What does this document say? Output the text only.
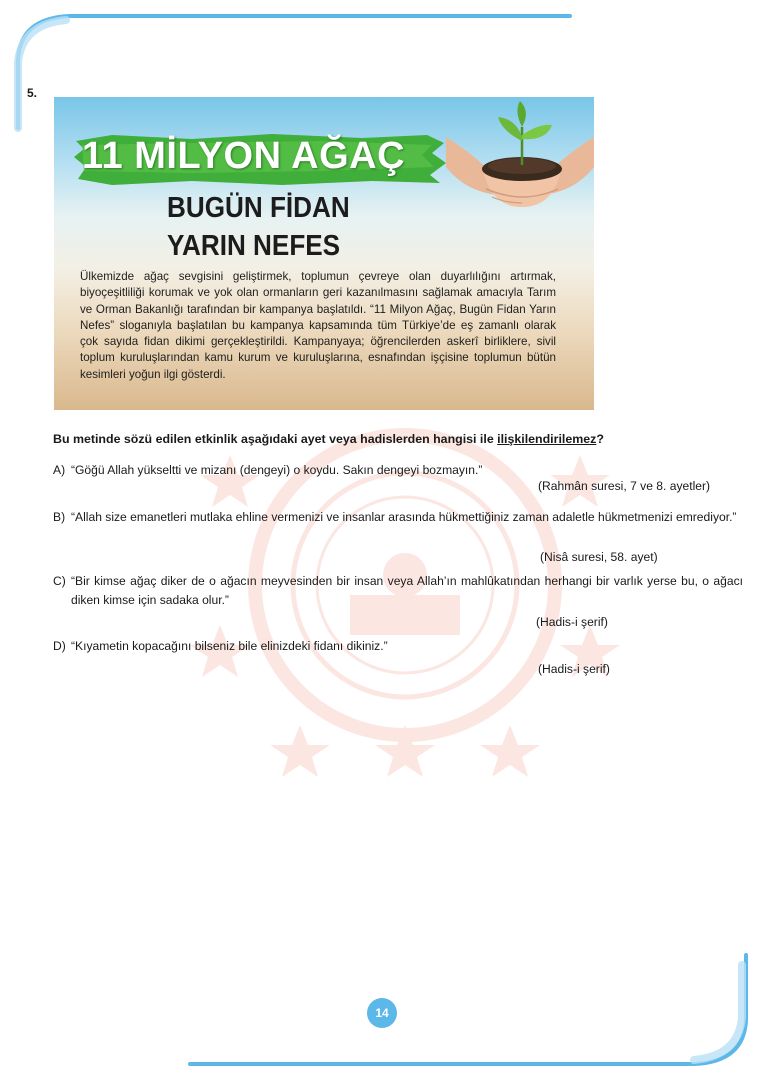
5.
11 MİLYON AĞAÇ
BUGÜN FİDAN
YARIN NEFES
Ülkemizde ağaç sevgisini geliştirmek, toplumun çevreye olan duyarlılığını artırmak, biyoçeşitliliği korumak ve yok olan ormanların geri kazanılmasını sağlamak amacıyla Tarım ve Orman Bakanlığı tarafından bir kampanya başlatıldı. “11 Milyon Ağaç, Bugün Fidan Yarın Nefes” sloganıyla başlatılan bu kampanya kapsamında tüm Türkiye’de eş zamanlı olarak çok sayıda fidan dikimi gerçekleştirildi. Kampanyaya; öğrencilerden askerî birliklere, sivil toplum kuruluşlarından kamu kurum ve kuruluşlarına, esnafından işçisine toplumun bütün kesimleri yoğun ilgi gösterdi.
Bu metinde sözü edilen etkinlik aşağıdaki ayet veya hadislerden hangisi ile ilişkilendirilemez?
A) “Göğü Allah yükseltti ve mizanı (dengeyi) o koydu. Sakın dengeyi bozmayın.”
(Rahmân suresi, 7 ve 8. ayetler)
B) “Allah size emanetleri mutlaka ehline vermenizi ve insanlar arasında hükmettiğiniz zaman adaletle hükmetmenizi emrediyor.”
(Nisâ suresi, 58. ayet)
C) “Bir kimse ağaç diker de o ağacın meyvesinden bir insan veya Allah’ın mahlûkatından herhangi bir varlık yerse bu, o ağacı diken kimse için sadaka olur.”
(Hadis-i şerif)
D) “Kıyametin kopacağını bilseniz bile elinizdeki fidanı dikiniz.”
(Hadis-i şerif)
14
